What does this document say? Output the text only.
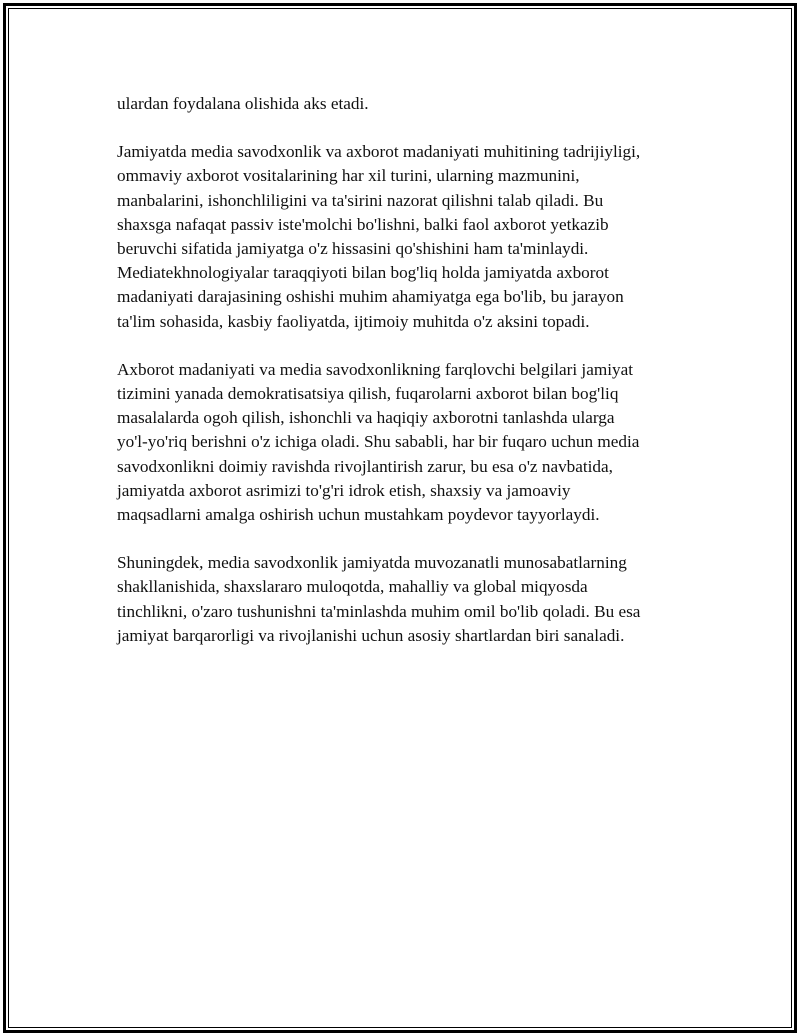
ulardan foydalana olishida aks etadi.
Jamiyatda media savodxonlik va axborot madaniyati muhitining tadrijiyligi,
ommaviy axborot vositalarining har xil turini, ularning mazmunini,
manbalarini, ishonchliligini va ta'sirini nazorat qilishni talab qiladi. Bu
shaxsga nafaqat passiv iste'molchi bo'lishni, balki faol axborot yetkazib
beruvchi sifatida jamiyatga o'z hissasini qo'shishini ham ta'minlaydi.
Mediatekhnologiyalar taraqqiyoti bilan bog'liq holda jamiyatda axborot
madaniyati darajasining oshishi muhim ahamiyatga ega bo'lib, bu jarayon
ta'lim sohasida, kasbiy faoliyatda, ijtimoiy muhitda o'z aksini topadi.
Axborot madaniyati va media savodxonlikning farqlovchi belgilari jamiyat
tizimini yanada demokratisatsiya qilish, fuqarolarni axborot bilan bog'liq
masalalarda ogoh qilish, ishonchli va haqiqiy axborotni tanlashda ularga
yo'l-yo'riq berishni o'z ichiga oladi. Shu sababli, har bir fuqaro uchun media
savodxonlikni doimiy ravishda rivojlantirish zarur, bu esa o'z navbatida,
jamiyatda axborot asrimizi to'g'ri idrok etish, shaxsiy va jamoaviy
maqsadlarni amalga oshirish uchun mustahkam poydevor tayyorlaydi.
Shuningdek, media savodxonlik jamiyatda muvozanatli munosabatlarning
shakllanishida, shaxslararo muloqotda, mahalliy va global miqyosda
tinchlikni, o'zaro tushunishni ta'minlashda muhim omil bo'lib qoladi. Bu esa
jamiyat barqarorligi va rivojlanishi uchun asosiy shartlardan biri sanaladi.
